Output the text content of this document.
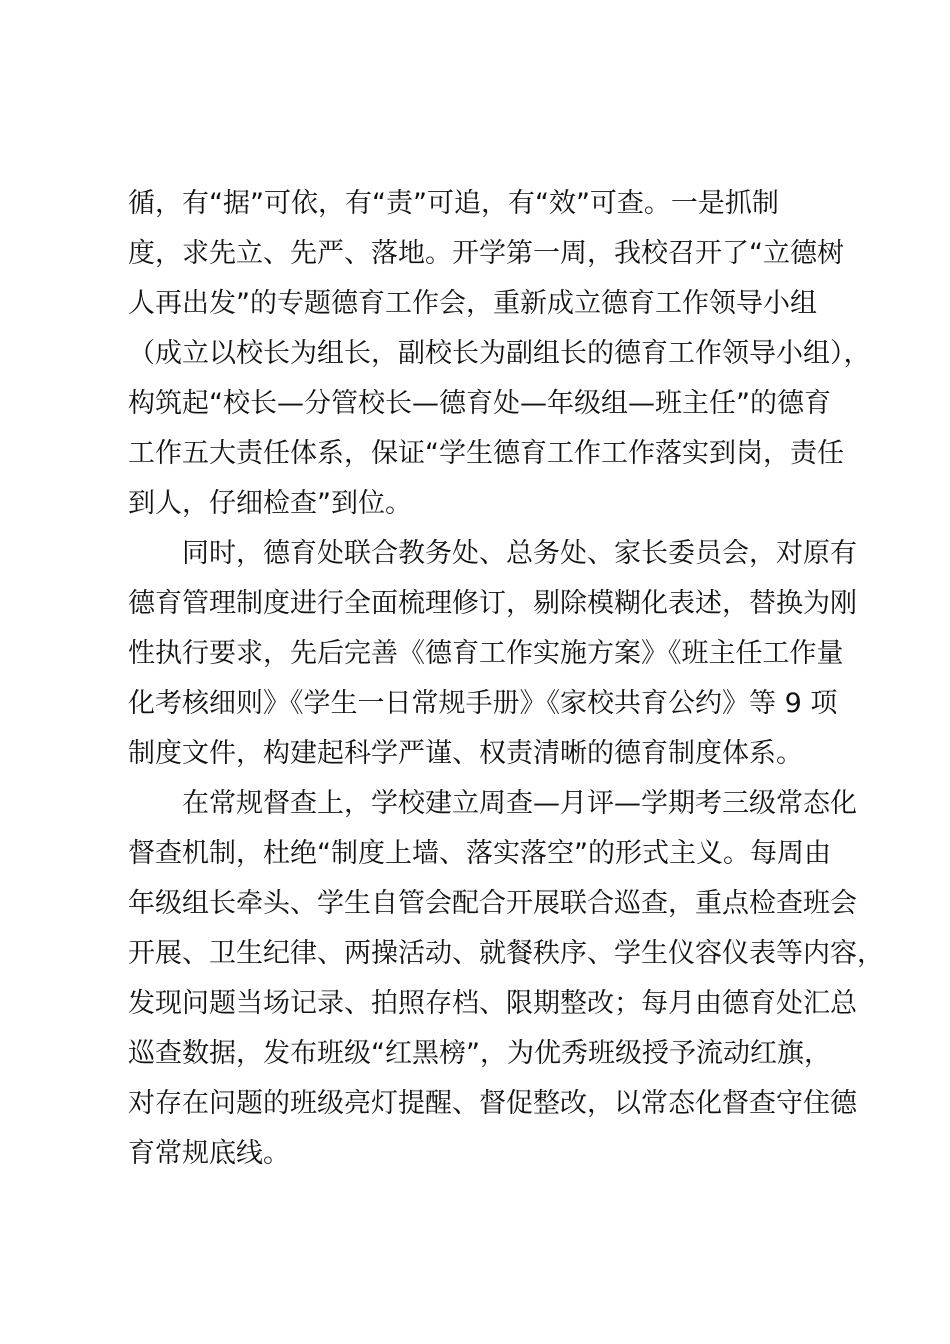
循，有“据”可依，有“责”可追，有“效”可查。一是抓制
度，求先立、先严、落地。开学第一周，我校召开了“立德树
人再出发”的专题德育工作会，重新成立德育工作领导小组
（成立以校长为组长，副校长为副组长的德育工作领导小组），
构筑起“校长—分管校长—德育处—年级组—班主任”的德育
工作五大责任体系，保证“学生德育工作工作落实到岗，责任
到人，仔细检查”到位。
　　同时，德育处联合教务处、总务处、家长委员会，对原有
德育管理制度进行全面梳理修订，剔除模糊化表述，替换为刚
性执行要求，先后完善《德育工作实施方案》《班主任工作量
化考核细则》《学生一日常规手册》《家校共育公约》等 9 项
制度文件，构建起科学严谨、权责清晰的德育制度体系。
　　在常规督查上，学校建立周查—月评—学期考三级常态化
督查机制，杜绝“制度上墙、落实落空”的形式主义。每周由
年级组长牵头、学生自管会配合开展联合巡查，重点检查班会
开展、卫生纪律、两操活动、就餐秩序、学生仪容仪表等内容，
发现问题当场记录、拍照存档、限期整改；每月由德育处汇总
巡查数据，发布班级“红黑榜”，为优秀班级授予流动红旗，
对存在问题的班级亮灯提醒、督促整改，以常态化督查守住德
育常规底线。
